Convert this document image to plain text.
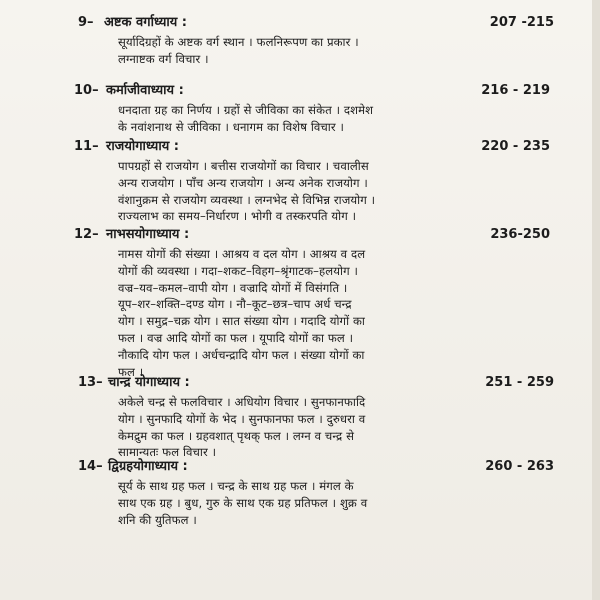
9– अष्टक वर्गाध्याय :	207 -215
सूर्यादिग्रहों के अष्टक वर्ग स्थान । फलनिरूपण का प्रकार ।
लग्नाष्टक वर्ग विचार ।
10– कर्माजीवाध्याय :	216 - 219
धनदाता ग्रह का निर्णय । ग्रहों से जीविका का संकेत । दशमेश
के नवांशनाथ से जीविका । धनागम का विशेष विचार ।
11– राजयोगाध्याय :	220 - 235
पापग्रहों से राजयोग । बत्तीस राजयोगों का विचार । चवालीस
अन्य राजयोग । पाँच अन्य राजयोग । अन्य अनेक राजयोग ।
वंशानुक्रम से राजयोग व्यवस्था । लग्नभेद से विभिन्न राजयोग ।
राज्यलाभ का समय–निर्धारण । भोगी व तस्करपति योग ।
12– नाभसयोगाध्याय :	236-250
नामस योगों की संख्या । आश्रय व दल योग । आश्रय व दल
योगों की व्यवस्था । गदा–शकट–विहग–श्रृंगाटक–हलयोग ।
वज्र–यव–कमल–वापी योग । वज्रादि योगों में विसंगति ।
यूप–शर–शक्ति–दण्ड योग । नौ–कूट–छत्र–चाप अर्ध चन्द्र
योग । समुद्र–चक्र योग । सात संख्या योग । गदादि योगों का
फल । वज्र आदि योगों का फल । यूपादि योगों का फल ।
नौकादि योग फल । अर्धचन्द्रादि योग फल । संख्या योगों का
फल ।
13– चान्द्र योगाध्याय :	251 - 259
अकेले चन्द्र से फलविचार । अधियोग विचार । सुनफानफादि
योग । सुनफादि योगों के भेद । सुनफानफा फल । दुरुधरा व
केमद्रुम का फल । ग्रहवशात् पृथक् फल । लग्न व चन्द्र से
सामान्यतः फल विचार ।
14– द्विग्रहयोगाध्याय :	260 - 263
सूर्य के साथ ग्रह फल । चन्द्र के साथ ग्रह फल । मंगल के
साथ एक ग्रह । बुध, गुरु के साथ एक ग्रह प्रतिफल । शुक्र व
शनि की युतिफल ।
